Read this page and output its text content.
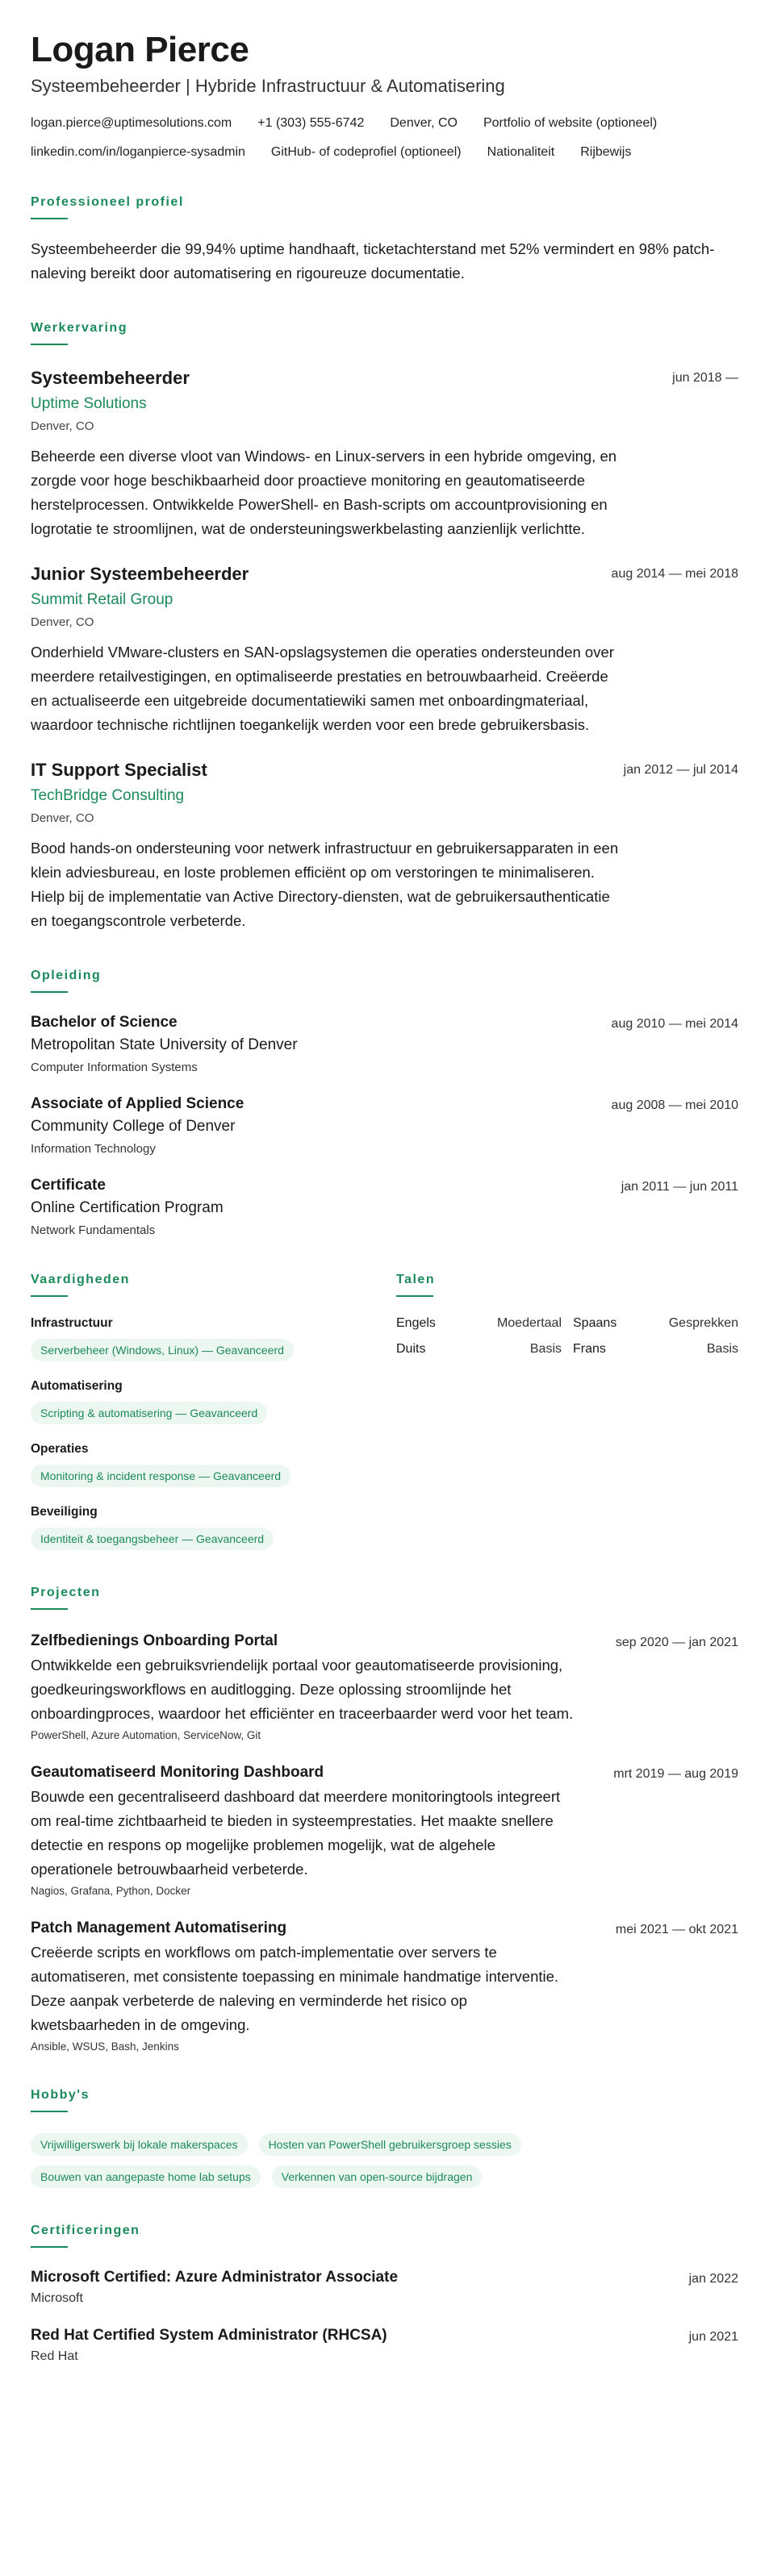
Logan Pierce
Systeembeheerder | Hybride Infrastructuur & Automatisering
logan.pierce@uptimesolutions.com +1 (303) 555-6742 Denver, CO Portfolio of website (optioneel)
linkedin.com/in/loganpierce-sysadmin GitHub- of codeprofiel (optioneel) Nationaliteit Rijbewijs
Professioneel profiel

Systeembeheerder die 99,94% uptime handhaaft, ticketachterstand met 52% vermindert en 98% patch-naleving bereikt door automatisering en rigoureuze documentatie.

Werkervaring
Systeembeheerder	jun 2018 —
Uptime Solutions
Denver, CO

Beheerde een diverse vloot van Windows- en Linux-servers in een hybride omgeving, en zorgde voor hoge beschikbaarheid door proactieve monitoring en geautomatiseerde herstelprocessen. Ontwikkelde PowerShell- en Bash-scripts om accountprovisioning en logrotatie te stroomlijnen, wat de ondersteuningswerkbelasting aanzienlijk verlichtte.

Junior Systeembeheerder	aug 2014 — mei 2018
Summit Retail Group
Denver, CO

Onderhield VMware-clusters en SAN-opslagsystemen die operaties ondersteunden over meerdere retailvestigingen, en optimaliseerde prestaties en betrouwbaarheid. Creëerde en actualiseerde een uitgebreide documentatiewiki samen met onboardingmateriaal, waardoor technische richtlijnen toegankelijk werden voor een brede gebruikersbasis.

IT Support Specialist	jan 2012 — jul 2014
TechBridge Consulting
Denver, CO

Bood hands-on ondersteuning voor netwerk infrastructuur en gebruikersapparaten in een klein adviesbureau, en loste problemen efficiënt op om verstoringen te minimaliseren. Hielp bij de implementatie van Active Directory-diensten, wat de gebruikersauthenticatie en toegangscontrole verbeterde.

Opleiding
Bachelor of Science	aug 2010 — mei 2014
Metropolitan State University of Denver
Computer Information Systems
Associate of Applied Science	aug 2008 — mei 2010
Community College of Denver
Information Technology
Certificate	jan 2011 — jun 2011
Online Certification Program
Network Fundamentals
Vaardigheden
Infrastructuur
Serverbeheer (Windows, Linux) — Geavanceerd
Automatisering
Scripting & automatisering — Geavanceerd
Operaties
Monitoring & incident response — Geavanceerd
Beveiliging
Identiteit & toegangsbeheer — Geavanceerd
Talen
Engels	Moedertaal Spaans	Gesprekken
Duits	Basis Frans	Basis
Projecten
Zelfbedienings Onboarding Portal	sep 2020 — jan 2021

Ontwikkelde een gebruiksvriendelijk portaal voor geautomatiseerde provisioning, goedkeuringsworkflows en auditlogging. Deze oplossing stroomlijnde het onboardingproces, waardoor het efficiënter en traceerbaarder werd voor het team.

PowerShell, Azure Automation, ServiceNow, Git
Geautomatiseerd Monitoring Dashboard	mrt 2019 — aug 2019

Bouwde een gecentraliseerd dashboard dat meerdere monitoringtools integreert om real-time zichtbaarheid te bieden in systeemprestaties. Het maakte snellere detectie en respons op mogelijke problemen mogelijk, wat de algehele operationele betrouwbaarheid verbeterde.

Nagios, Grafana, Python, Docker
Patch Management Automatisering	mei 2021 — okt 2021

Creëerde scripts en workflows om patch-implementatie over servers te automatiseren, met consistente toepassing en minimale handmatige interventie. Deze aanpak verbeterde de naleving en verminderde het risico op kwetsbaarheden in de omgeving.

Ansible, WSUS, Bash, Jenkins
Hobby's
Vrijwilligerswerk bij lokale makerspaces	Hosten van PowerShell gebruikersgroep sessies
Bouwen van aangepaste home lab setups	Verkennen van open-source bijdragen
Certificeringen
Microsoft Certified: Azure Administrator Associate	jan 2022
Microsoft
Red Hat Certified System Administrator (RHCSA)	jun 2021
Red Hat
